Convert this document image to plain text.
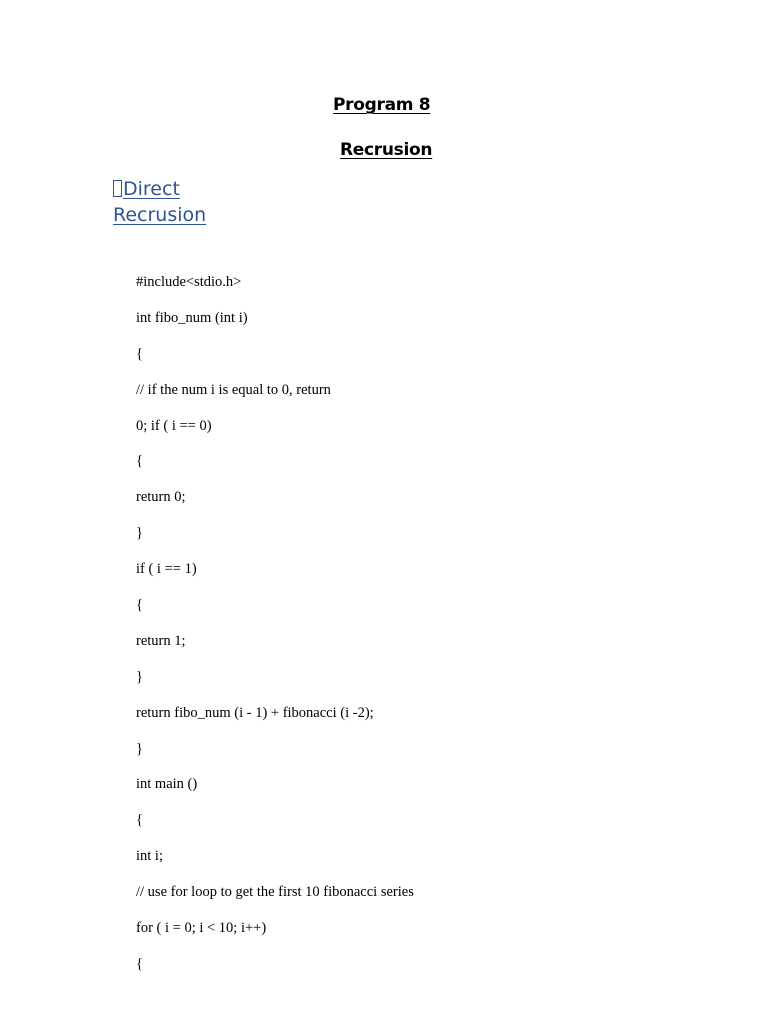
Program 8
Recrusion
Direct Recrusion
#include<stdio.h>
int fibo_num (int i)
{
// if the num i is equal to 0, return
0; if ( i == 0)
{
return 0;
}
if ( i == 1)
{
return 1;
}
return fibo_num (i - 1) + fibonacci (i -2);
}
int main ()
{
int i;
// use for loop to get the first 10 fibonacci series
for ( i = 0; i < 10; i++)
{
